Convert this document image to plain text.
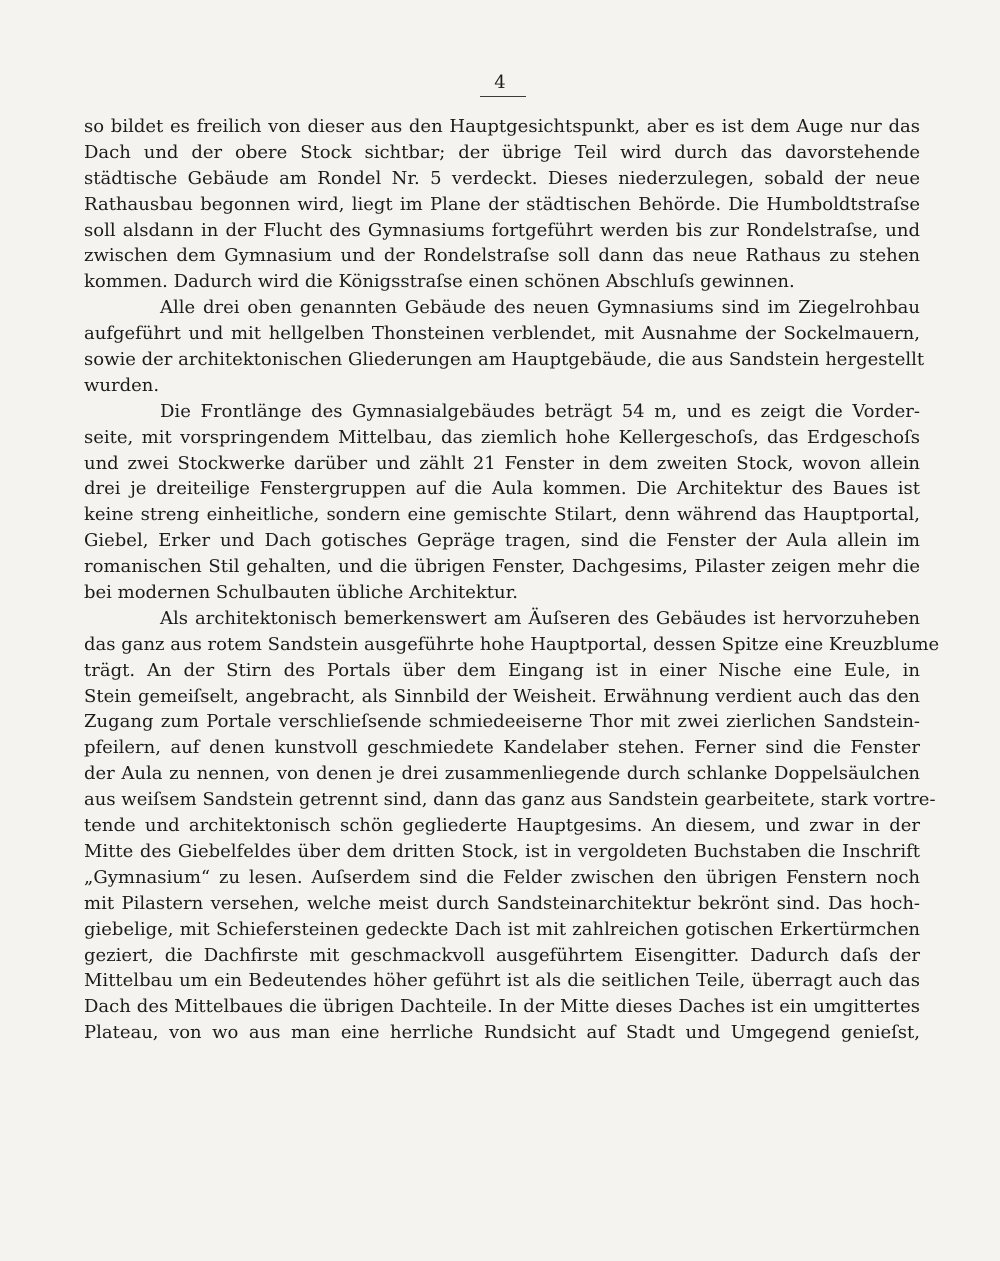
4
so bildet es freilich von dieser aus den Hauptgesichtspunkt, aber es ist dem Auge nur das
Dach und der obere Stock sichtbar; der übrige Teil wird durch das davorstehende
städtische Gebäude am Rondel Nr. 5 verdeckt. Dieses niederzulegen, sobald der neue
Rathausbau begonnen wird, liegt im Plane der städtischen Behörde. Die Humboldtstraſse
soll alsdann in der Flucht des Gymnasiums fortgeführt werden bis zur Rondelstraſse, und
zwischen dem Gymnasium und der Rondelstraſse soll dann das neue Rathaus zu stehen
kommen. Dadurch wird die Königsstraſse einen schönen Abschluſs gewinnen.
Alle drei oben genannten Gebäude des neuen Gymnasiums sind im Ziegelrohbau
aufgeführt und mit hellgelben Thonsteinen verblendet, mit Ausnahme der Sockelmauern,
sowie der architektonischen Gliederungen am Hauptgebäude, die aus Sandstein hergestellt
wurden.
Die Frontlänge des Gymnasialgebäudes beträgt 54 m, und es zeigt die Vorder-
seite, mit vorspringendem Mittelbau, das ziemlich hohe Kellergeschoſs, das Erdgeschoſs
und zwei Stockwerke darüber und zählt 21 Fenster in dem zweiten Stock, wovon allein
drei je dreiteilige Fenstergruppen auf die Aula kommen. Die Architektur des Baues ist
keine streng einheitliche, sondern eine gemischte Stilart, denn während das Hauptportal,
Giebel, Erker und Dach gotisches Gepräge tragen, sind die Fenster der Aula allein im
romanischen Stil gehalten, und die übrigen Fenster, Dachgesims, Pilaster zeigen mehr die
bei modernen Schulbauten übliche Architektur.
Als architektonisch bemerkenswert am Äuſseren des Gebäudes ist hervorzuheben
das ganz aus rotem Sandstein ausgeführte hohe Hauptportal, dessen Spitze eine Kreuzblume
trägt. An der Stirn des Portals über dem Eingang ist in einer Nische eine Eule, in
Stein gemeiſselt, angebracht, als Sinnbild der Weisheit. Erwähnung verdient auch das den
Zugang zum Portale verschlieſsende schmiedeeiserne Thor mit zwei zierlichen Sandstein-
pfeilern, auf denen kunstvoll geschmiedete Kandelaber stehen. Ferner sind die Fenster
der Aula zu nennen, von denen je drei zusammenliegende durch schlanke Doppelsäulchen
aus weiſsem Sandstein getrennt sind, dann das ganz aus Sandstein gearbeitete, stark vortre-
tende und architektonisch schön gegliederte Hauptgesims. An diesem, und zwar in der
Mitte des Giebelfeldes über dem dritten Stock, ist in vergoldeten Buchstaben die Inschrift
„Gymnasium“ zu lesen. Auſserdem sind die Felder zwischen den übrigen Fenstern noch
mit Pilastern versehen, welche meist durch Sandsteinarchitektur bekrönt sind. Das hoch-
giebelige, mit Schiefersteinen gedeckte Dach ist mit zahlreichen gotischen Erkertürmchen
geziert, die Dachfirste mit geschmackvoll ausgeführtem Eisengitter. Dadurch daſs der
Mittelbau um ein Bedeutendes höher geführt ist als die seitlichen Teile, überragt auch das
Dach des Mittelbaues die übrigen Dachteile. In der Mitte dieses Daches ist ein umgittertes
Plateau, von wo aus man eine herrliche Rundsicht auf Stadt und Umgegend genieſst,
